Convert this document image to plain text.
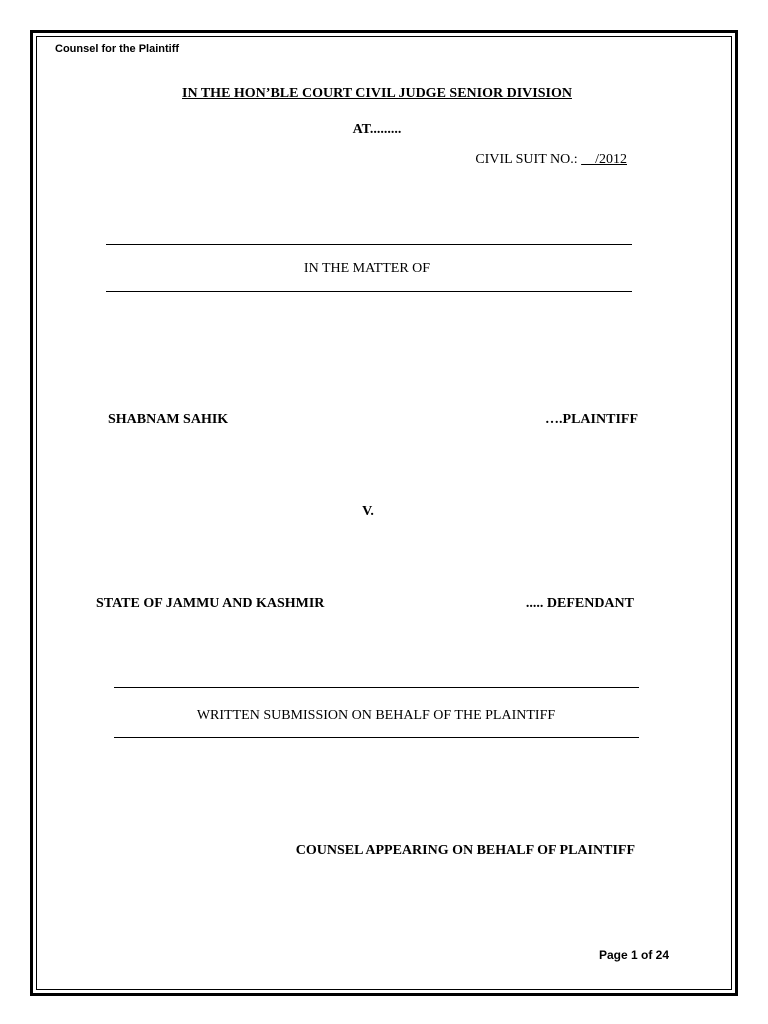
Counsel for the Plaintiff
IN THE HON’BLE COURT CIVIL JUDGE SENIOR DIVISION
AT.........
CIVIL SUIT NO.:     /2012
IN THE MATTER OF
SHABNAM SAHIK	….PLAINTIFF
V.
STATE OF JAMMU AND KASHMIR	..... DEFENDANT
WRITTEN SUBMISSION ON BEHALF OF THE PLAINTIFF
COUNSEL APPEARING ON BEHALF OF PLAINTIFF
Page 1 of 24
